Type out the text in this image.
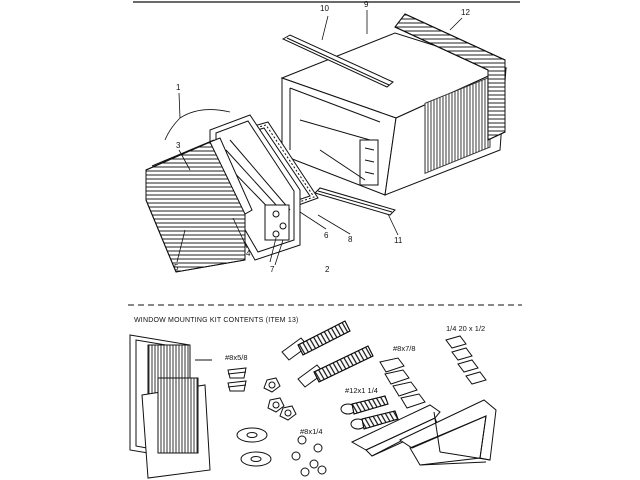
10	9
12
1
3
4
5
6
7	2
8	11
WINDOW MOUNTING KIT CONTENTS (ITEM 13)
#8x5/8
#8x7/8
1/4 20 x 1/2
#12x1 1/4
#8x1/4
